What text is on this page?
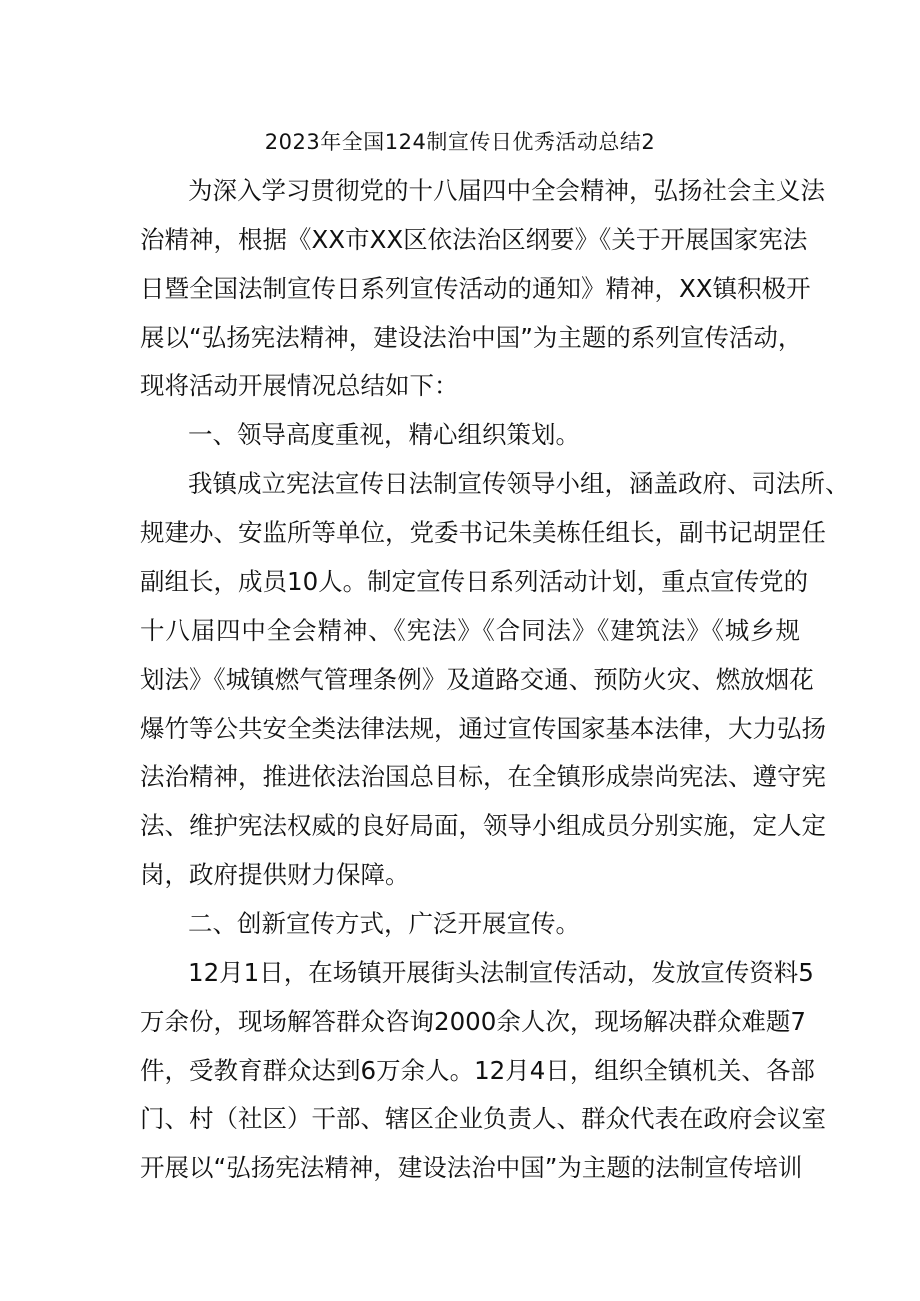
2023年全国124制宣传日优秀活动总结2
为深入学习贯彻党的十八届四中全会精神，弘扬社会主义法
治精神，根据《XX市XX区依法治区纲要》《关于开展国家宪法
日暨全国法制宣传日系列宣传活动的通知》精神，XX镇积极开
展以“弘扬宪法精神，建设法治中国”为主题的系列宣传活动，
现将活动开展情况总结如下：
一、领导高度重视，精心组织策划。
我镇成立宪法宣传日法制宣传领导小组，涵盖政府、司法所、
规建办、安监所等单位，党委书记朱美栋任组长，副书记胡罡任
副组长，成员10人。制定宣传日系列活动计划，重点宣传党的
十八届四中全会精神、《宪法》《合同法》《建筑法》《城乡规
划法》《城镇燃气管理条例》及道路交通、预防火灾、燃放烟花
爆竹等公共安全类法律法规，通过宣传国家基本法律，大力弘扬
法治精神，推进依法治国总目标，在全镇形成崇尚宪法、遵守宪
法、维护宪法权威的良好局面，领导小组成员分别实施，定人定
岗，政府提供财力保障。
二、创新宣传方式，广泛开展宣传。
12月1日，在场镇开展街头法制宣传活动，发放宣传资料5
万余份，现场解答群众咨询2000余人次，现场解决群众难题7
件，受教育群众达到6万余人。12月4日，组织全镇机关、各部
门、村（社区）干部、辖区企业负责人、群众代表在政府会议室
开展以“弘扬宪法精神，建设法治中国”为主题的法制宣传培训
